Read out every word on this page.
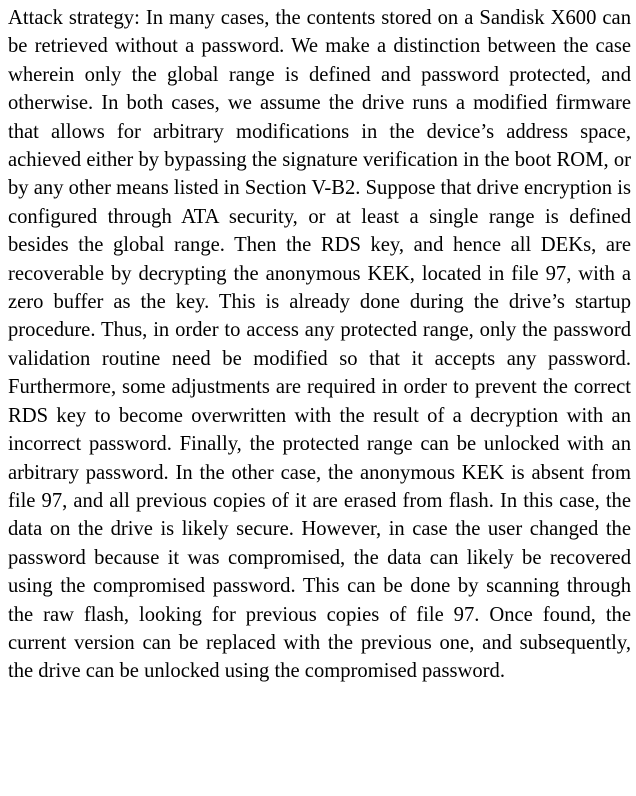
Attack strategy: In many cases, the contents stored on a Sandisk X600 can be retrieved without a password. We make a distinction between the case wherein only the global range is defined and password protected, and otherwise. In both cases, we assume the drive runs a modified firmware that allows for arbitrary modifications in the device’s address space, achieved either by bypassing the signature verification in the boot ROM, or by any other means listed in Section V-B2. Suppose that drive encryption is configured through ATA security, or at least a single range is defined besides the global range. Then the RDS key, and hence all DEKs, are recoverable by decrypting the anonymous KEK, located in file 97, with a zero buffer as the key. This is already done during the drive’s startup procedure. Thus, in order to access any protected range, only the password validation routine need be modified so that it accepts any password. Furthermore, some adjustments are required in order to prevent the correct RDS key to become overwritten with the result of a decryption with an incorrect password. Finally, the protected range can be unlocked with an arbitrary password. In the other case, the anonymous KEK is absent from file 97, and all previous copies of it are erased from flash. In this case, the data on the drive is likely secure. However, in case the user changed the password because it was compromised, the data can likely be recovered using the compromised password. This can be done by scanning through the raw flash, looking for previous copies of file 97. Once found, the current version can be replaced with the previous one, and subsequently, the drive can be unlocked using the compromised password.
